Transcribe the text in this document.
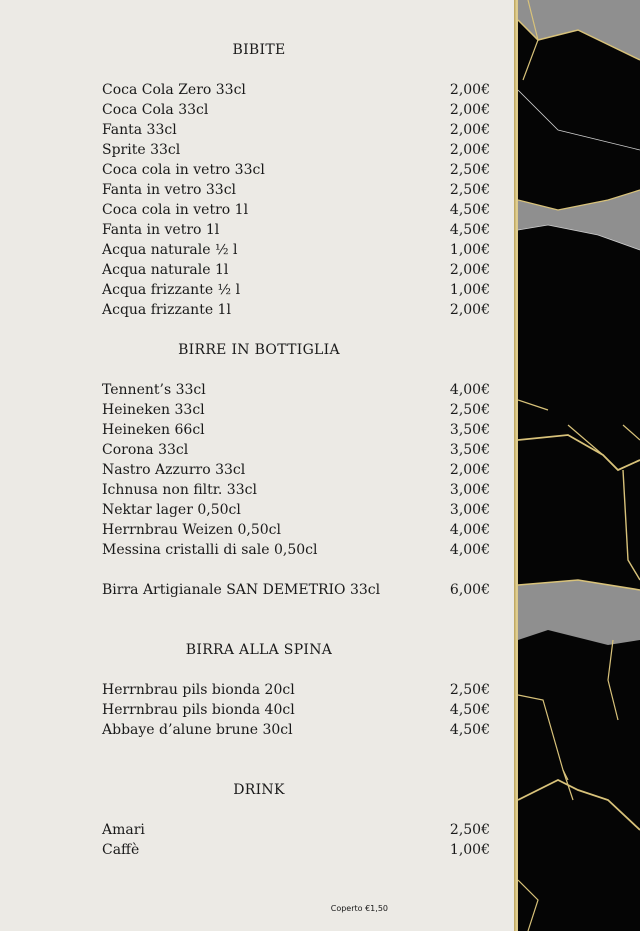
BIBITE
Coca Cola Zero 33cl	2,00€
Coca Cola 33cl	2,00€
Fanta 33cl	2,00€
Sprite 33cl	2,00€
Coca cola in vetro 33cl	2,50€
Fanta in vetro 33cl	2,50€
Coca cola in vetro 1l	4,50€
Fanta in vetro 1l	4,50€
Acqua naturale ½ l	1,00€
Acqua naturale 1l	2,00€
Acqua frizzante ½ l	1,00€
Acqua frizzante 1l	2,00€
BIRRE IN BOTTIGLIA
Tennent’s 33cl	4,00€
Heineken 33cl	2,50€
Heineken 66cl	3,50€
Corona 33cl	3,50€
Nastro Azzurro 33cl	2,00€
Ichnusa non filtr. 33cl	3,00€
Nektar lager 0,50cl	3,00€
Herrnbrau Weizen 0,50cl	4,00€
Messina cristalli di sale 0,50cl	4,00€
Birra Artigianale SAN DEMETRIO 33cl	6,00€
BIRRA ALLA SPINA
Herrnbrau pils bionda 20cl	2,50€
Herrnbrau pils bionda 40cl	4,50€
Abbaye d’alune brune 30cl	4,50€
DRINK
Amari	2,50€
Caffè	1,00€
Coperto €1,50
